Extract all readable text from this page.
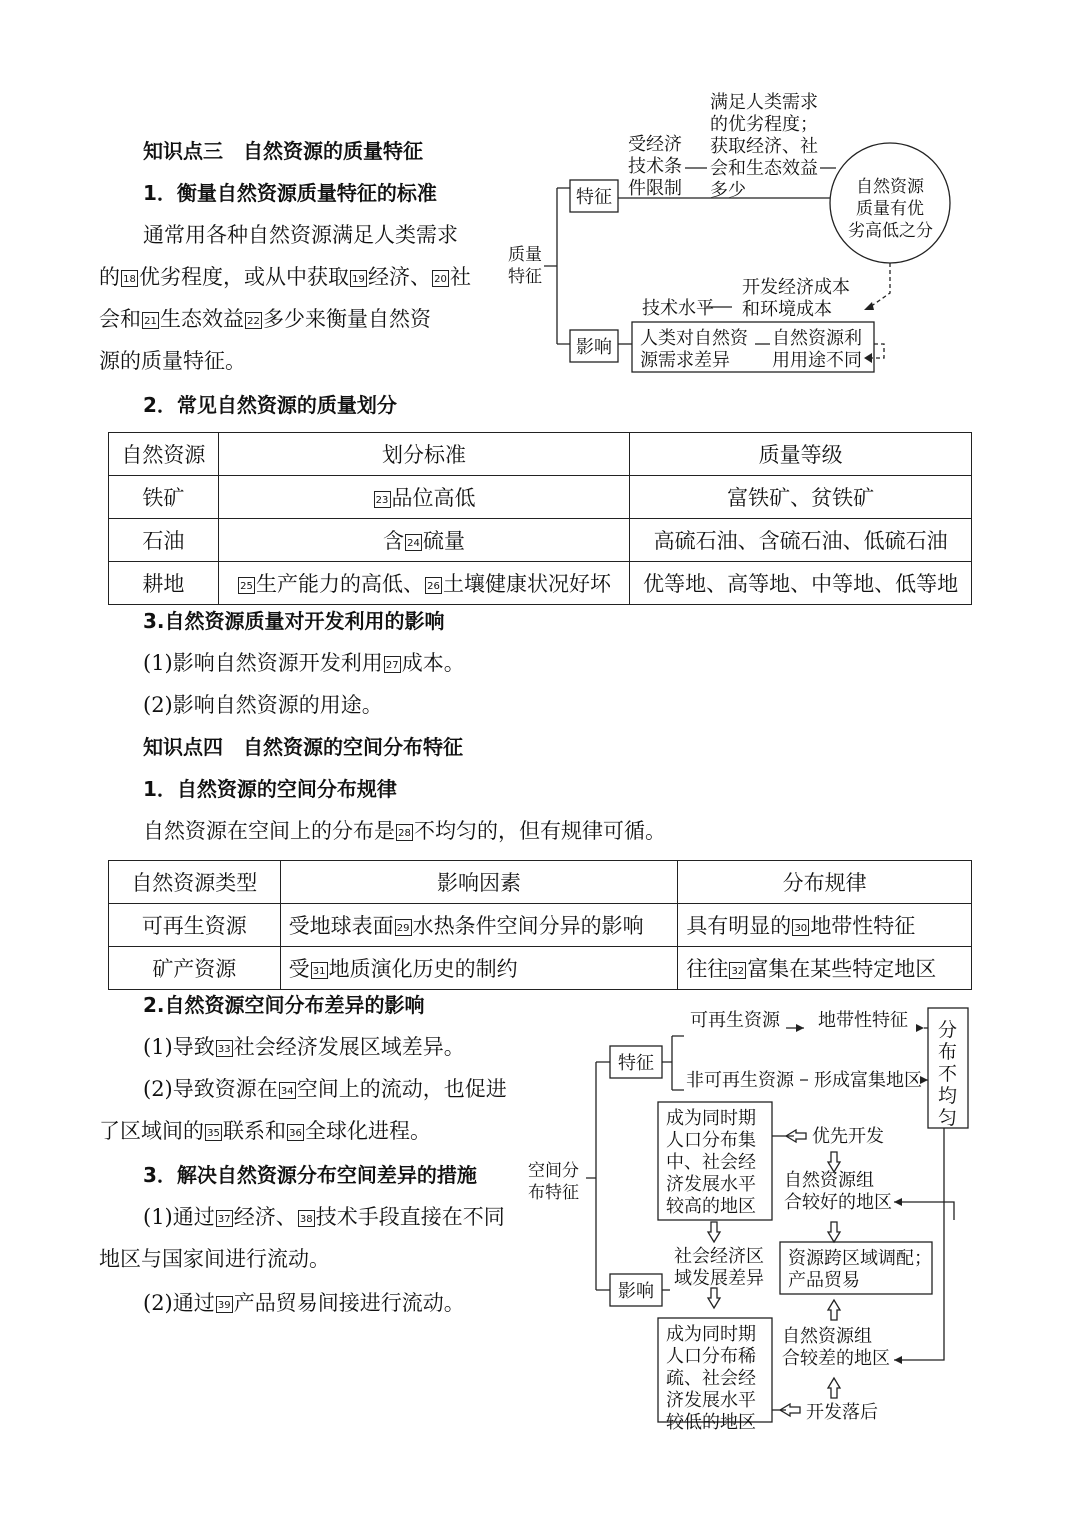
知识点三　自然资源的质量特征
1．衡量自然资源质量特征的标准
通常用各种自然资源满足人类需求
的 18 优劣程度，或从中获取 19 经济、 20 社
会和 21 生态效益 22 多少来衡量自然资
源的质量特征。
质量特征
特征
影响
受经济
技术条
件限制
满足人类需求
的优劣程度；
获取经济、社
会和生态效益
多少	自然资源
质量有优
劣高低之分
技术水平
开发经济成本
和环境成本
人类对自然资
源需求差异
自然资源利
用用途不同
2．常见自然资源的质量划分
自然资源	划分标准	质量等级
铁矿	23 品位高低	富铁矿、贫铁矿
石油	含 24 硫量	高硫石油、含硫石油、低硫石油
耕地	25 生产能力的高低、 26 土壤健康状况好坏	优等地、高等地、中等地、低等地
3.自然资源质量对开发利用的影响
(1)影响自然资源开发利用 27 成本。
(2)影响自然资源的用途。
知识点四　自然资源的空间分布特征
1．自然资源的空间分布规律
自然资源在空间上的分布是 28 不均匀的，但有规律可循。
自然资源类型	影响因素	分布规律
可再生资源	受地球表面 29 水热条件空间分异的影响	具有明显的 30 地带性特征
矿产资源	受 31 地质演化历史的制约	往往 32 富集在某些特定地区
2.自然资源空间分布差异的影响
(1)导致 33 社会经济发展区域差异。
(2)导致资源在 34 空间上的流动，也促进
了区域间的 35 联系和 36 全球化进程。
3．解决自然资源分布空间差异的措施
(1)通过 37 经济、 38 技术手段直接在不同
地区与国家间进行流动。
(2)通过 39 产品贸易间接进行流动。
空间分
布特征
特征
影响
可再生资源 地带性特征
非可再生资源 形成富集地区
分
布
不
均
匀
成为同时期
人口分布集
中、社会经
济发展水平
较高的地区
优先开发
自然资源组
合较好的地区
社会经济区
域发展差异
资源跨区域调配；
产品贸易
成为同时期
人口分布稀
疏、社会经
济发展水平
较低的地区
自然资源组
合较差的地区
开发落后
